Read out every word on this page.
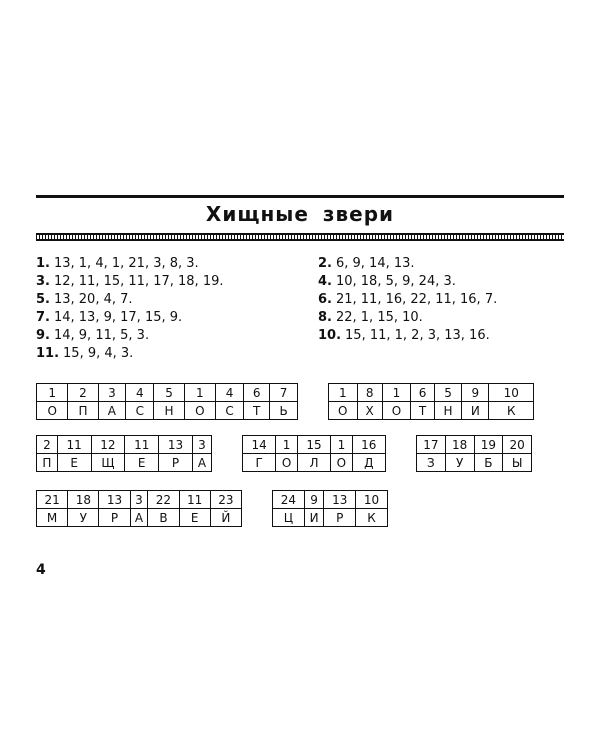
Хищные звери
1. 13, 1, 4, 1, 21, 3, 8, 3.
3. 12, 11, 15, 11, 17, 18, 19.
5. 13, 20, 4, 7.
7. 14, 13, 9, 17, 15, 9.
9. 14, 9, 11, 5, 3.
11. 15, 9, 4, 3.
2. 6, 9, 14, 13.
4. 10, 18, 5, 9, 24, 3.
6. 21, 11, 16, 22, 11, 16, 7.
8. 22, 1, 15, 10.
10. 15, 11, 1, 2, 3, 13, 16.
1	2	3	4	5	1	4	6	7
О	П	А	С	Н	О	С	Т	Ь
1	8	1	6	5	9	10
О	Х	О	Т	Н	И	К
2	11	12	11	13	3
П	Е	Щ	Е	Р	А
14	1	15	1	16
Г	О	Л	О	Д
17	18	19	20
З	У	Б	Ы
21	18	13	3	22	11	23
М	У	Р	А	В	Е	Й
24	9	13	10
Ц	И	Р	К
4
